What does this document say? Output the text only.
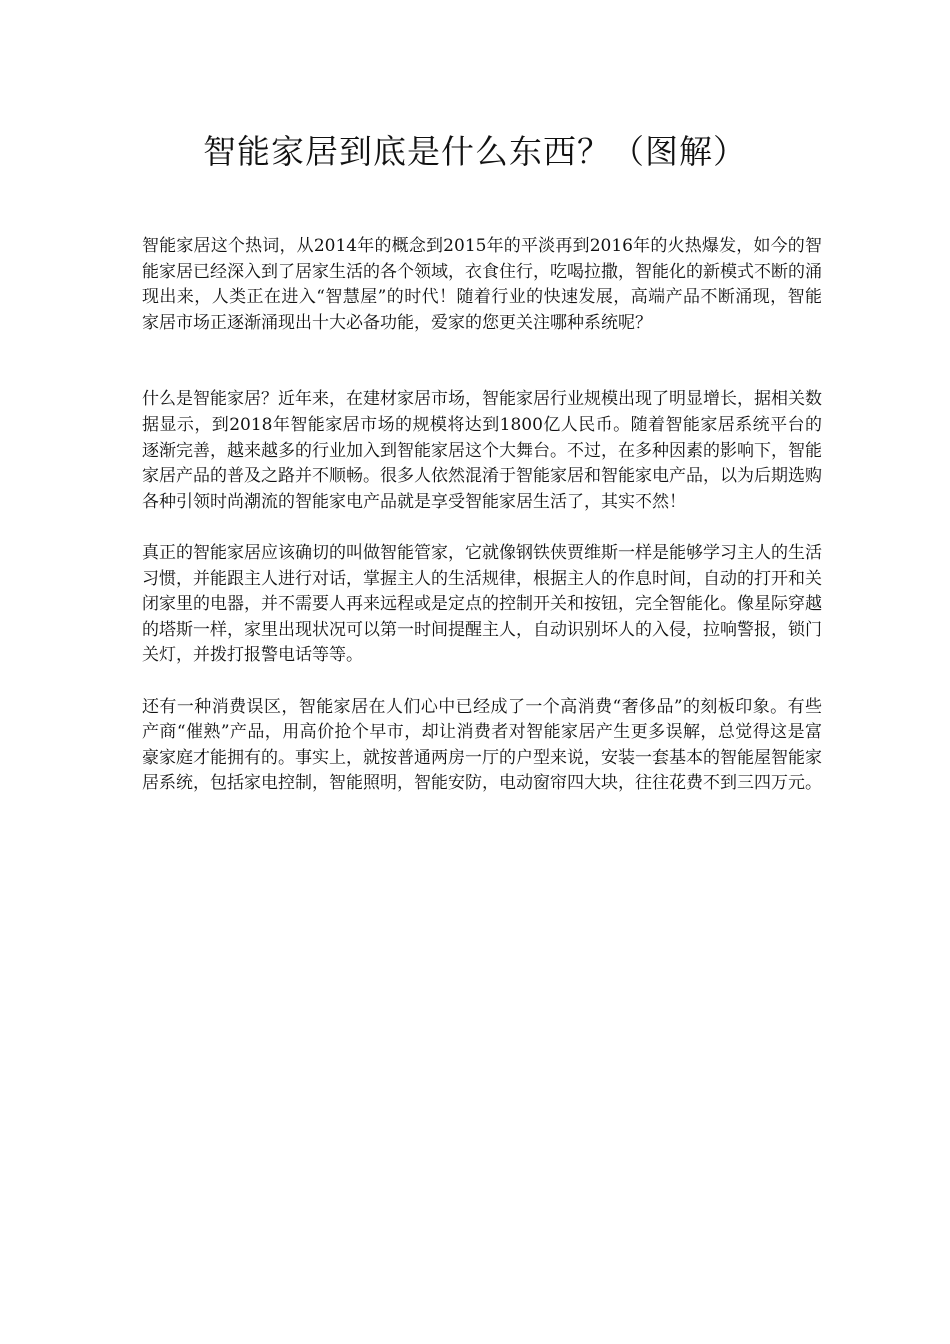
智能家居到底是什么东西？（图解）

智能家居这个热词，从2014年的概念到2015年的平淡再到2016年的火热爆发，如今的智能家居已经深入到了居家生活的各个领域，衣食住行，吃喝拉撒，智能化的新模式不断的涌现出来，人类正在进入“智慧屋”的时代！随着行业的快速发展，高端产品不断涌现，智能家居市场正逐渐涌现出十大必备功能，爱家的您更关注哪种系统呢？

什么是智能家居？近年来，在建材家居市场，智能家居行业规模出现了明显增长，据相关数据显示，到2018年智能家居市场的规模将达到1800亿人民币。随着智能家居系统平台的逐渐完善，越来越多的行业加入到智能家居这个大舞台。不过，在多种因素的影响下，智能家居产品的普及之路并不顺畅。很多人依然混淆于智能家居和智能家电产品，以为后期选购各种引领时尚潮流的智能家电产品就是享受智能家居生活了，其实不然！

真正的智能家居应该确切的叫做智能管家，它就像钢铁侠贾维斯一样是能够学习主人的生活习惯，并能跟主人进行对话，掌握主人的生活规律，根据主人的作息时间，自动的打开和关闭家里的电器，并不需要人再来远程或是定点的控制开关和按钮，完全智能化。像星际穿越的塔斯一样，家里出现状况可以第一时间提醒主人，自动识别坏人的入侵，拉响警报，锁门关灯，并拨打报警电话等等。

还有一种消费误区，智能家居在人们心中已经成了一个高消费“奢侈品”的刻板印象。有些产商“催熟”产品，用高价抢个早市，却让消费者对智能家居产生更多误解，总觉得这是富豪家庭才能拥有的。事实上，就按普通两房一厅的户型来说，安装一套基本的智能屋智能家居系统，包括家电控制，智能照明，智能安防，电动窗帘四大块，往往花费不到三四万元。
